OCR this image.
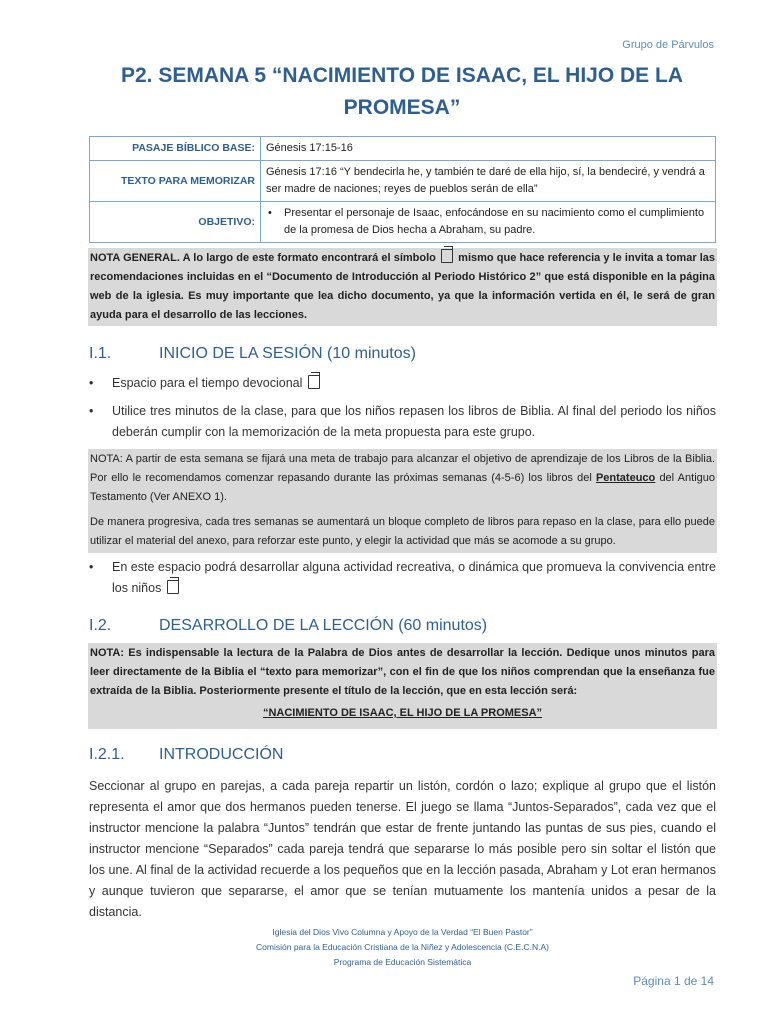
Grupo de Párvulos
P2. SEMANA 5 “NACIMIENTO DE ISAAC, EL HIJO DE LA PROMESA”
PASAJE BÍBLICO BASE:	Génesis 17:15-16
TEXTO PARA MEMORIZAR	Génesis 17:16 “Y bendecirla he, y también te daré de ella hijo, sí, la bendeciré, y vendrá a ser madre de naciones; reyes de pueblos serán de ella”
OBJETIVO:	• Presentar el personaje de Isaac, enfocándose en su nacimiento como el cumplimiento de la promesa de Dios hecha a Abraham, su padre.
NOTA GENERAL. A lo largo de este formato encontrará el símbolo mismo que hace referencia y le invita a tomar las recomendaciones incluidas en el “Documento de Introducción al Periodo Histórico 2” que está disponible en la página web de la iglesia. Es muy importante que lea dicho documento, ya que la información vertida en él, le será de gran ayuda para el desarrollo de las lecciones.
I.1.	INICIO DE LA SESIÓN (10 minutos)
• Espacio para el tiempo devocional
• Utilice tres minutos de la clase, para que los niños repasen los libros de Biblia. Al final del periodo los niños deberán cumplir con la memorización de la meta propuesta para este grupo.
NOTA: A partir de esta semana se fijará una meta de trabajo para alcanzar el objetivo de aprendizaje de los Libros de la Biblia. Por ello le recomendamos comenzar repasando durante las próximas semanas (4-5-6) los libros del Pentateuco del Antiguo Testamento (Ver ANEXO 1).
De manera progresiva, cada tres semanas se aumentará un bloque completo de libros para repaso en la clase, para ello puede utilizar el material del anexo, para reforzar este punto, y elegir la actividad que más se acomode a su grupo.
• En este espacio podrá desarrollar alguna actividad recreativa, o dinámica que promueva la convivencia entre los niños
I.2.	DESARROLLO DE LA LECCIÓN (60 minutos)
NOTA: Es indispensable la lectura de la Palabra de Dios antes de desarrollar la lección. Dedique unos minutos para leer directamente de la Biblia el “texto para memorizar”, con el fin de que los niños comprendan que la enseñanza fue extraída de la Biblia. Posteriormente presente el título de la lección, que en esta lección será:
“NACIMIENTO DE ISAAC, EL HIJO DE LA PROMESA”
I.2.1. INTRODUCCIÓN
Seccionar al grupo en parejas, a cada pareja repartir un listón, cordón o lazo; explique al grupo que el listón representa el amor que dos hermanos pueden tenerse. El juego se llama “Juntos-Separados”, cada vez que el instructor mencione la palabra “Juntos” tendrán que estar de frente juntando las puntas de sus pies, cuando el instructor mencione “Separados” cada pareja tendrá que separarse lo más posible pero sin soltar el listón que los une. Al final de la actividad recuerde a los pequeños que en la lección pasada, Abraham y Lot eran hermanos y aunque tuvieron que separarse, el amor que se tenían mutuamente los mantenía unidos a pesar de la distancia.
Iglesia del Dios Vivo Columna y Apoyo de la Verdad “El Buen Pastor”
Comisión para la Educación Cristiana de la Niñez y Adolescencia (C.E.C.N.A)
Programa de Educación Sistemática
Página 1 de 14
